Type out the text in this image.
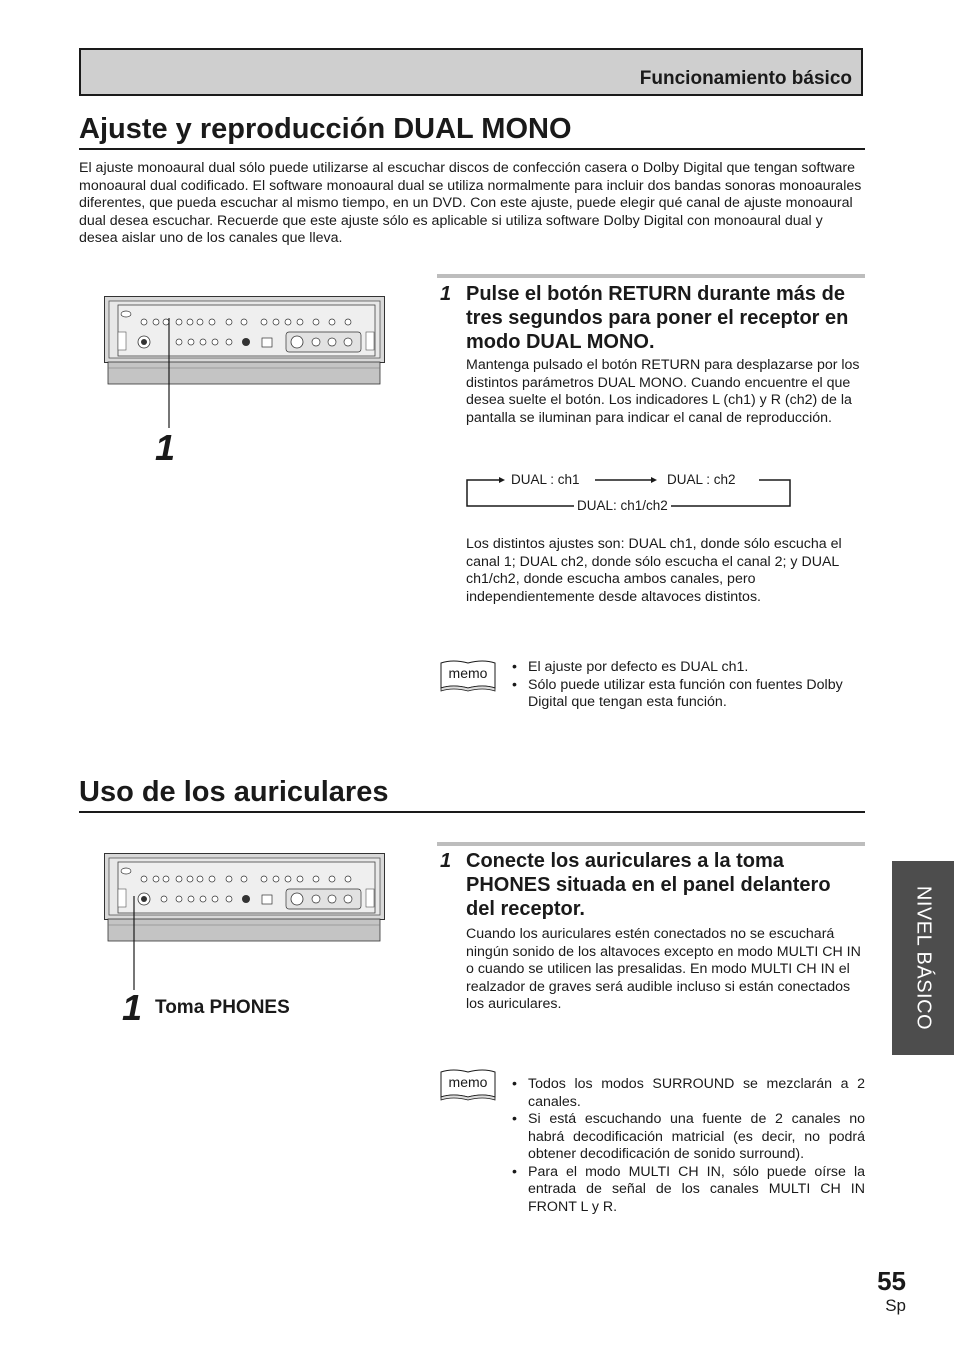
Funcionamiento básico
Ajuste y reproducción DUAL MONO
El ajuste monoaural dual sólo puede utilizarse al escuchar discos de confección casera o Dolby Digital que tengan software monoaural dual codificado. El software monoaural dual se utiliza normalmente para incluir dos bandas sonoras monoaurales diferentes, que pueda escuchar al mismo tiempo, en un DVD. Con este ajuste, puede elegir qué canal de ajuste monoaural dual desea escuchar. Recuerde que este ajuste sólo es aplicable si utiliza software Dolby Digital con monoaural dual y desea aislar uno de los canales que lleva.
1
1 Pulse el botón RETURN durante más de tres segundos para poner el receptor en modo DUAL MONO.
Mantenga pulsado el botón RETURN para desplazarse por los distintos parámetros DUAL MONO. Cuando encuentre el que desea suelte el botón. Los indicadores L (ch1) y R (ch2) de la pantalla se iluminan para indicar el canal de reproducción.
DUAL : ch1	DUAL : ch2
DUAL: ch1/ch2
Los distintos ajustes son: DUAL ch1, donde sólo escucha el canal 1; DUAL ch2, donde sólo escucha el canal 2; y DUAL ch1/ch2, donde escucha ambos canales, pero independientemente desde altavoces distintos.
memo	• El ajuste por defecto es DUAL ch1.
• Sólo puede utilizar esta función con fuentes Dolby Digital que tengan esta función.
Uso de los auriculares
1 Toma PHONES
1 Conecte los auriculares a la toma PHONES situada en el panel delantero del receptor.
Cuando los auriculares estén conectados no se escuchará ningún sonido de los altavoces excepto en modo MULTI CH IN o cuando se utilicen las presalidas. En modo MULTI CH IN el realzador de graves será audible incluso si están conectados los auriculares.
memo	• Todos los modos SURROUND se mezclarán a 2 canales.
• Si está escuchando una fuente de 2 canales no habrá decodificación matricial (es decir, no podrá obtener decodificación de sonido surround).
• Para el modo MULTI CH IN, sólo puede oírse la entrada de señal de los canales MULTI CH IN FRONT L y R.
NIVEL BÁSICO
55
Sp
